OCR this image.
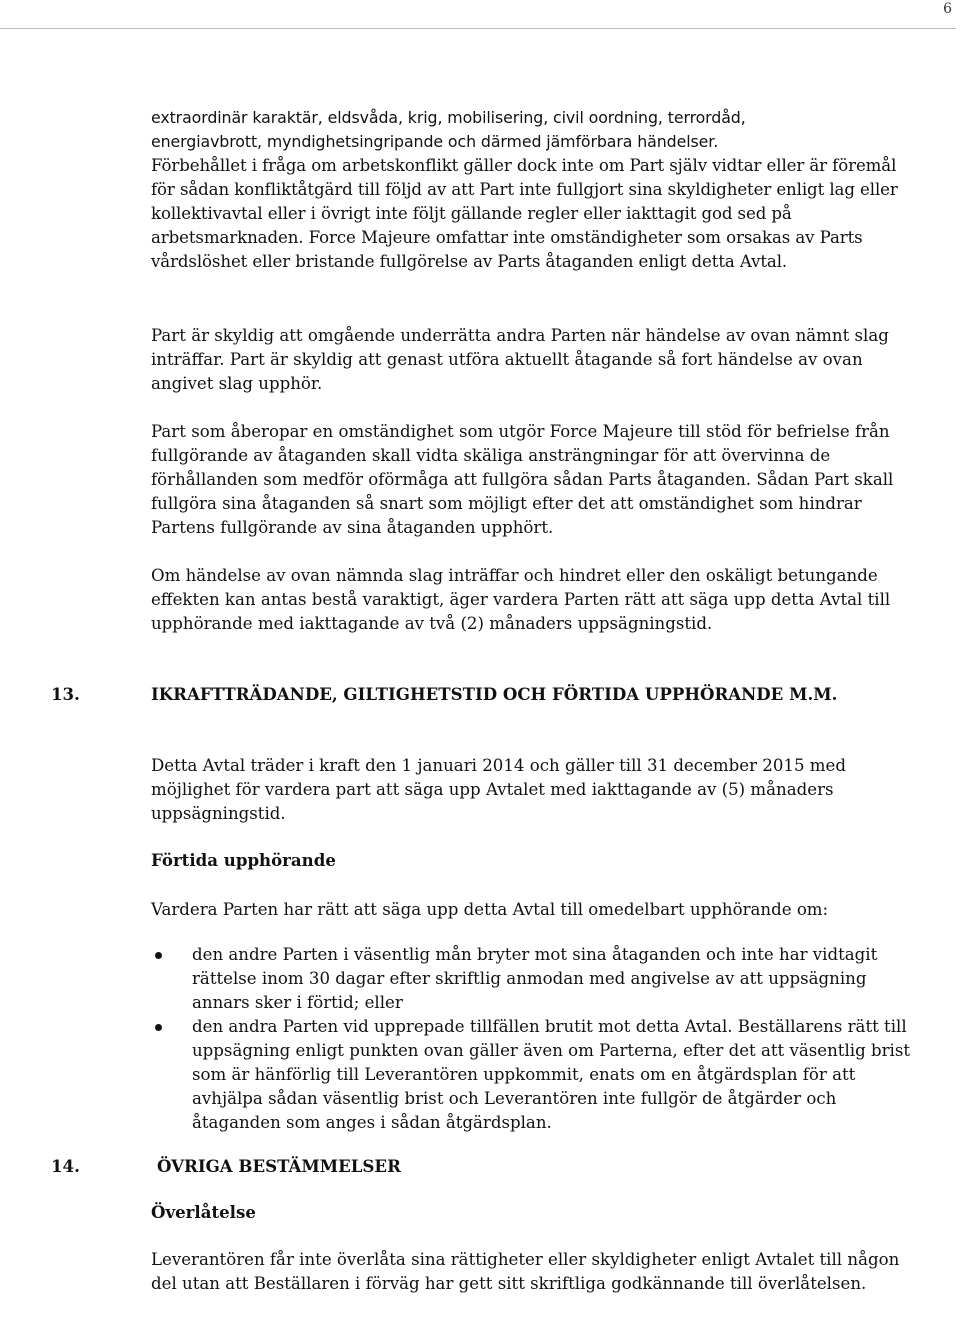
6
extraordinär karaktär, eldsvåda, krig, mobilisering, civil oordning, terrordåd,
energiavbrott, myndighetsingripande och därmed jämförbara händelser.
Förbehållet i fråga om arbetskonflikt gäller dock inte om Part själv vidtar eller är föremål för sådan konfliktåtgärd till följd av att Part inte fullgjort sina skyldigheter enligt lag eller kollektivavtal eller i övrigt inte följt gällande regler eller iakttagit god sed på arbetsmarknaden. Force Majeure omfattar inte omständigheter som orsakas av Parts vårdslöshet eller bristande fullgörelse av Parts åtaganden enligt detta Avtal.

Part är skyldig att omgående underrätta andra Parten när händelse av ovan nämnt slag inträffar. Part är skyldig att genast utföra aktuellt åtagande så fort händelse av ovan angivet slag upphör.

Part som åberopar en omständighet som utgör Force Majeure till stöd för befrielse från fullgörande av åtaganden skall vidta skäliga ansträngningar för att övervinna de förhållanden som medför oförmåga att fullgöra sådan Parts åtaganden. Sådan Part skall fullgöra sina åtaganden så snart som möjligt efter det att omständighet som hindrar Partens fullgörande av sina åtaganden upphört.

Om händelse av ovan nämnda slag inträffar och hindret eller den oskäligt betungande effekten kan antas bestå varaktigt, äger vardera Parten rätt att säga upp detta Avtal till upphörande med iakttagande av två (2) månaders uppsägningstid.

13.	IKRAFTTRÄDANDE, GILTIGHETSTID OCH FÖRTIDA UPPHÖRANDE M.M.

Detta Avtal träder i kraft den 1 januari 2014 och gäller till 31 december 2015 med möjlighet för vardera part att säga upp Avtalet med iakttagande av (5) månaders uppsägningstid.

Förtida upphörande

Vardera Parten har rätt att säga upp detta Avtal till omedelbart upphörande om:

den andre Parten i väsentlig mån bryter mot sina åtaganden och inte har vidtagit rättelse inom 30 dagar efter skriftlig anmodan med angivelse av att uppsägning annars sker i förtid; eller
den andra Parten vid upprepade tillfällen brutit mot detta Avtal. Beställarens rätt till uppsägning enligt punkten ovan gäller även om Parterna, efter det att väsentlig brist som är hänförlig till Leverantören uppkommit, enats om en åtgärdsplan för att avhjälpa sådan väsentlig brist och Leverantören inte fullgör de åtgärder och åtaganden som anges i sådan åtgärdsplan.
14.	ÖVRIGA BESTÄMMELSER

Överlåtelse

Leverantören får inte överlåta sina rättigheter eller skyldigheter enligt Avtalet till någon del utan att Beställaren i förväg har gett sitt skriftliga godkännande till överlåtelsen.
